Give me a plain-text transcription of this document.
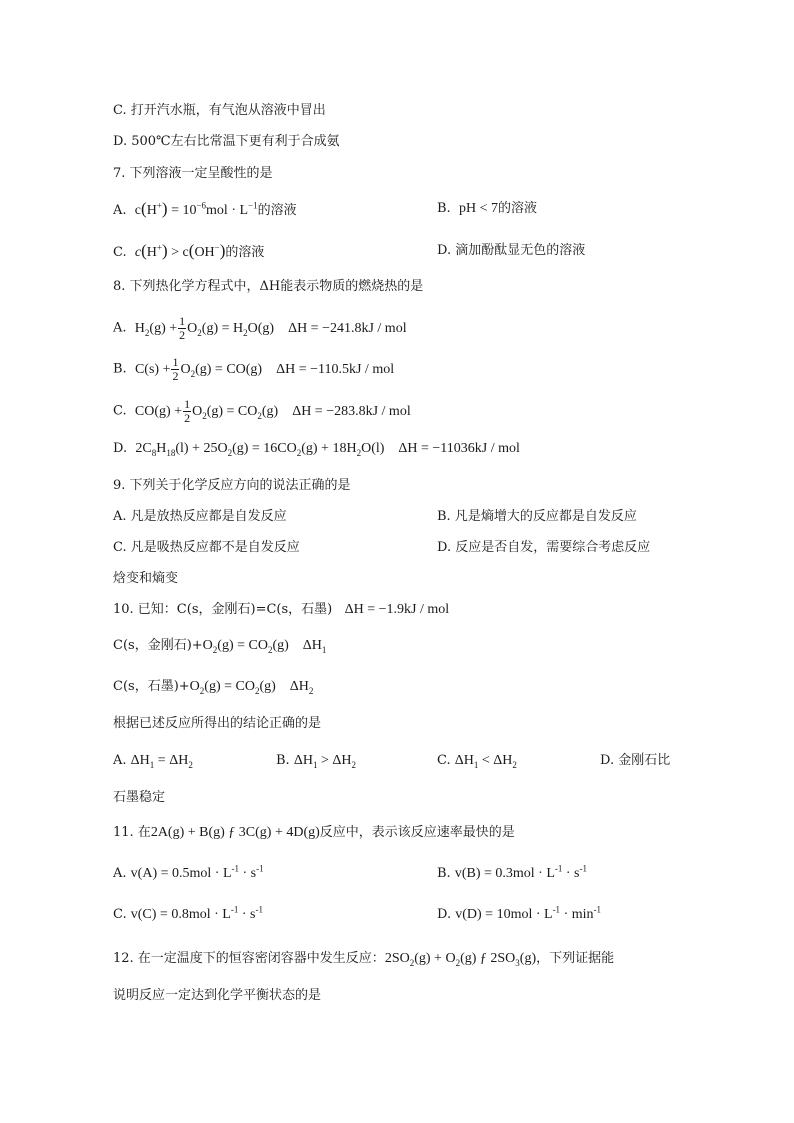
C. 打开汽水瓶，有气泡从溶液中冒出
D. 500℃左右比常温下更有利于合成氨
7. 下列溶液一定呈酸性的是
A. $c(H^+) = 10^{-6}mol \cdot L^{-1}$的溶液	B. pH < 7的溶液
C. c(H+) > c(OH−)的溶液	D. 滴加酚酞显无色的溶液
8. 下列热化学方程式中，ΔH能表示物质的燃烧热的是
A. $H_2(g) + \frac{1}{2} O_2(g) = H_2O(g) \Delta H = -241.8kJ$ / mol
B. $C(s) + \frac{1}{2} O_2(g) = CO(g) \Delta H = -110.5kJ$ / mol
C. $CO(g) + \frac{1}{2} O_2(g) = CO_2(g) \Delta H = -283.8kJ$ / mol
D. $2C_8H_{18}(l) + 25O_2(g) = 16CO_2(g) + 18H_2O(l)$    ΔH = −11036kJ / mol
9. 下列关于化学反应方向的说法正确的是
A. 凡是放热反应都是自发反应	B. 凡是熵增大的反应都是自发反应
C. 凡是吸热反应都不是自发反应	D. 反应是否自发，需要综合考虑反应
焓变和熵变
10. 已知：C(s，金刚石)=C(s，石墨) ΔH = −1.9kJ / mol
C(s，金刚石)$+O_2(g) = CO_2(g)$ $\Delta H_1$
C(s，石墨)$+O_2(g) = CO_2(g)$ $\Delta H_2$
根据已述反应所得出的结论正确的是
A. $\Delta H_1 = \Delta H_2$	B. $\Delta H_1 > \Delta H_2$	C. $\Delta H_1 < \Delta H_2$	D. 金刚石比
石墨稳定
11. 在2A(g) + B(g) ƒ 3C(g) + 4D(g)反应中，表示该反应速率最快的是
A. $v(A) = 0.5mol \cdot L^{-1} \cdot s^{-1}$	B. $v(B) = 0.3mol \cdot L^{-1} \cdot s^{-1}$
C. $v(C) = 0.8mol \cdot L^{-1} \cdot s^{-1}$	D. $v(D) = 10mol \cdot L^{-1} \cdot \min^{-1}$
12. 在一定温度下的恒容密闭容器中发生反应：$2SO_2(g) + O_2(g)$ ƒ $2SO_3(g)$，下列证据能
说明反应一定达到化学平衡状态的是
